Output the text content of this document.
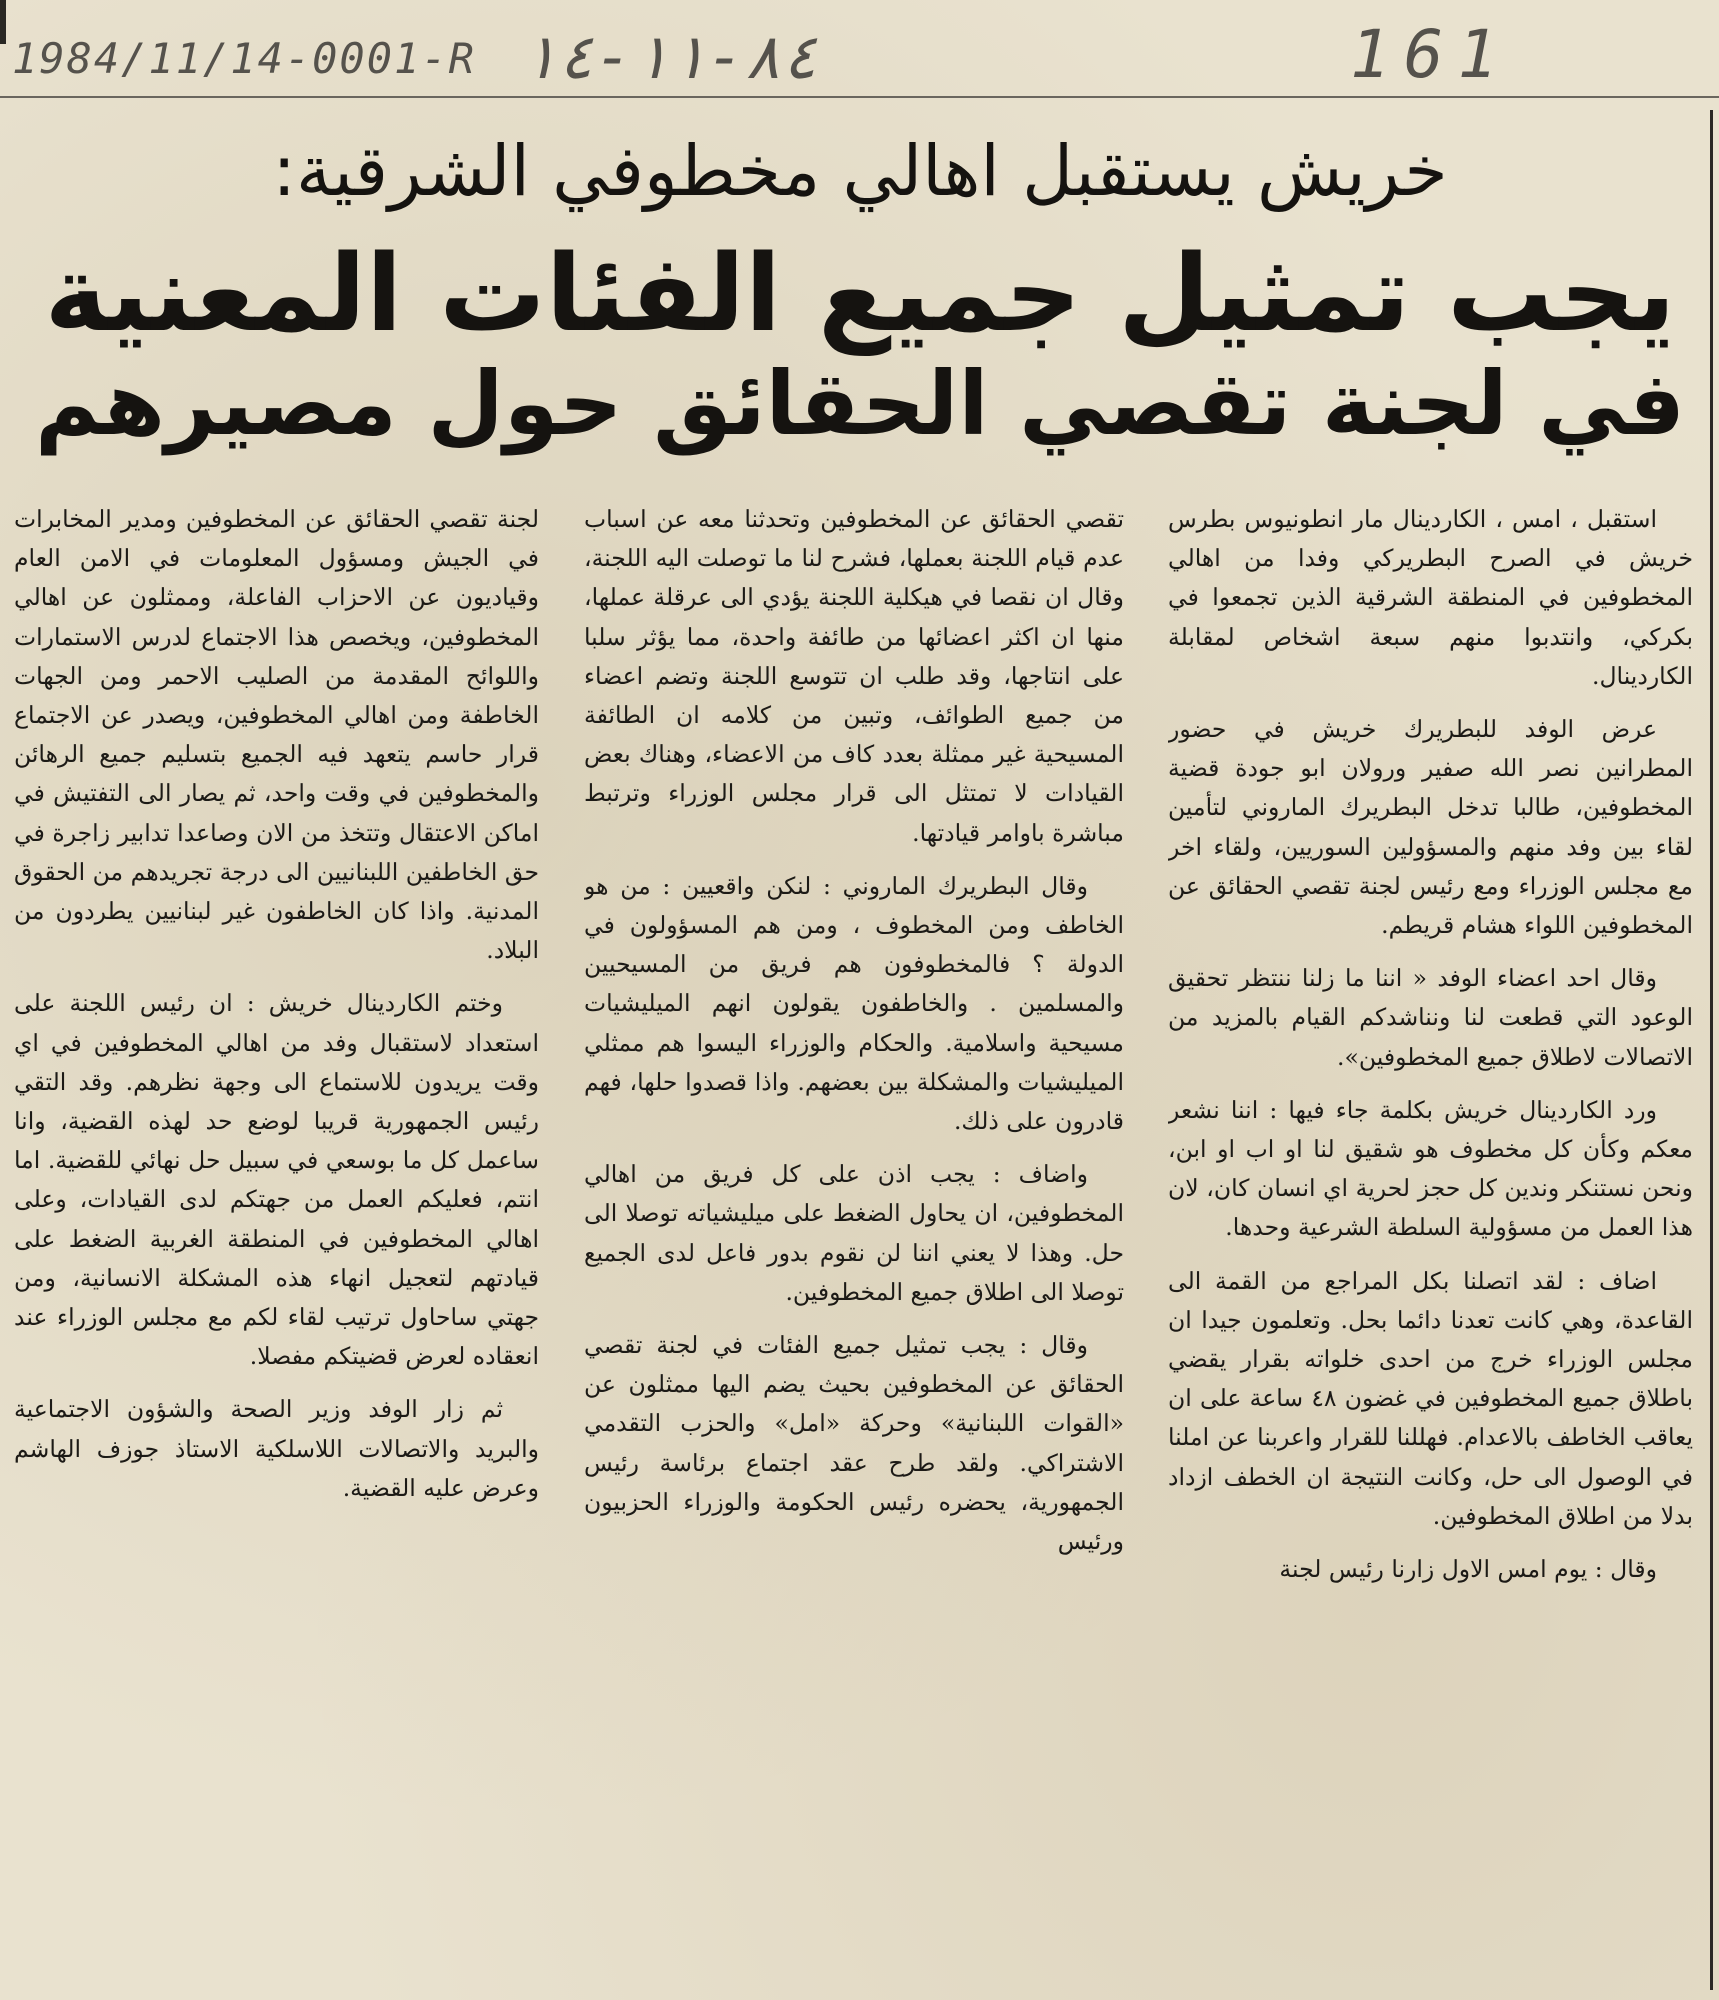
1984/11/14-0001-R ٨٤-١١-١٤	161
خريش يستقبل اهالي مخطوفي الشرقية:
يجب تمثيل جميع الفئات المعنية
في لجنة تقصي الحقائق حول مصيرهم

استقبل ، امس ، الكاردينال مار انطونيوس بطرس خريش في الصرح البطريركي وفدا من اهالي المخطوفين في المنطقة الشرقية الذين تجمعوا في بكركي، وانتدبوا منهم سبعة اشخاص لمقابلة الكاردينال.

عرض الوفد للبطريرك خريش في حضور المطرانين نصر الله صفير ورولان ابو جودة قضية المخطوفين، طالبا تدخل البطريرك الماروني لتأمين لقاء بين وفد منهم والمسؤولين السوريين، ولقاء اخر مع مجلس الوزراء ومع رئيس لجنة تقصي الحقائق عن المخطوفين اللواء هشام قريطم.

وقال احد اعضاء الوفد « اننا ما زلنا ننتظر تحقيق الوعود التي قطعت لنا ونناشدكم القيام بالمزيد من الاتصالات لاطلاق جميع المخطوفين».

ورد الكاردينال خريش بكلمة جاء فيها : اننا نشعر معكم وكأن كل مخطوف هو شقيق لنا او اب او ابن، ونحن نستنكر وندين كل حجز لحرية اي انسان كان، لان هذا العمل من مسؤولية السلطة الشرعية وحدها.

اضاف : لقد اتصلنا بكل المراجع من القمة الى القاعدة، وهي كانت تعدنا دائما بحل. وتعلمون جيدا ان مجلس الوزراء خرج من احدى خلواته بقرار يقضي باطلاق جميع المخطوفين في غضون ٤٨ ساعة على ان يعاقب الخاطف بالاعدام. فهللنا للقرار واعربنا عن املنا في الوصول الى حل، وكانت النتيجة ان الخطف ازداد بدلا من اطلاق المخطوفين.

وقال : يوم امس الاول زارنا رئيس لجنة

تقصي الحقائق عن المخطوفين وتحدثنا معه عن اسباب عدم قيام اللجنة بعملها، فشرح لنا ما توصلت اليه اللجنة، وقال ان نقصا في هيكلية اللجنة يؤدي الى عرقلة عملها، منها ان اكثر اعضائها من طائفة واحدة، مما يؤثر سلبا على انتاجها، وقد طلب ان تتوسع اللجنة وتضم اعضاء من جميع الطوائف، وتبين من كلامه ان الطائفة المسيحية غير ممثلة بعدد كاف من الاعضاء، وهناك بعض القيادات لا تمتثل الى قرار مجلس الوزراء وترتبط مباشرة باوامر قيادتها.

وقال البطريرك الماروني : لنكن واقعيين : من هو الخاطف ومن المخطوف ، ومن هم المسؤولون في الدولة ؟ فالمخطوفون هم فريق من المسيحيين والمسلمين . والخاطفون يقولون انهم الميليشيات مسيحية واسلامية. والحكام والوزراء اليسوا هم ممثلي الميليشيات والمشكلة بين بعضهم. واذا قصدوا حلها، فهم قادرون على ذلك.

واضاف : يجب اذن على كل فريق من اهالي المخطوفين، ان يحاول الضغط على ميليشياته توصلا الى حل. وهذا لا يعني اننا لن نقوم بدور فاعل لدى الجميع توصلا الى اطلاق جميع المخطوفين.

وقال : يجب تمثيل جميع الفئات في لجنة تقصي الحقائق عن المخطوفين بحيث يضم اليها ممثلون عن «القوات اللبنانية» وحركة «امل» والحزب التقدمي الاشتراكي. ولقد طرح عقد اجتماع برئاسة رئيس الجمهورية، يحضره رئيس الحكومة والوزراء الحزبيون ورئيس

لجنة تقصي الحقائق عن المخطوفين ومدير المخابرات في الجيش ومسؤول المعلومات في الامن العام وقياديون عن الاحزاب الفاعلة، وممثلون عن اهالي المخطوفين، ويخصص هذا الاجتماع لدرس الاستمارات واللوائح المقدمة من الصليب الاحمر ومن الجهات الخاطفة ومن اهالي المخطوفين، ويصدر عن الاجتماع قرار حاسم يتعهد فيه الجميع بتسليم جميع الرهائن والمخطوفين في وقت واحد، ثم يصار الى التفتيش في اماكن الاعتقال وتتخذ من الان وصاعدا تدابير زاجرة في حق الخاطفين اللبنانيين الى درجة تجريدهم من الحقوق المدنية. واذا كان الخاطفون غير لبنانيين يطردون من البلاد.

وختم الكاردينال خريش : ان رئيس اللجنة على استعداد لاستقبال وفد من اهالي المخطوفين في اي وقت يريدون للاستماع الى وجهة نظرهم. وقد التقي رئيس الجمهورية قريبا لوضع حد لهذه القضية، وانا ساعمل كل ما بوسعي في سبيل حل نهائي للقضية. اما انتم، فعليكم العمل من جهتكم لدى القيادات، وعلى اهالي المخطوفين في المنطقة الغربية الضغط على قيادتهم لتعجيل انهاء هذه المشكلة الانسانية، ومن جهتي ساحاول ترتيب لقاء لكم مع مجلس الوزراء عند انعقاده لعرض قضيتكم مفصلا.

ثم زار الوفد وزير الصحة والشؤون الاجتماعية والبريد والاتصالات اللاسلكية الاستاذ جوزف الهاشم وعرض عليه القضية.
